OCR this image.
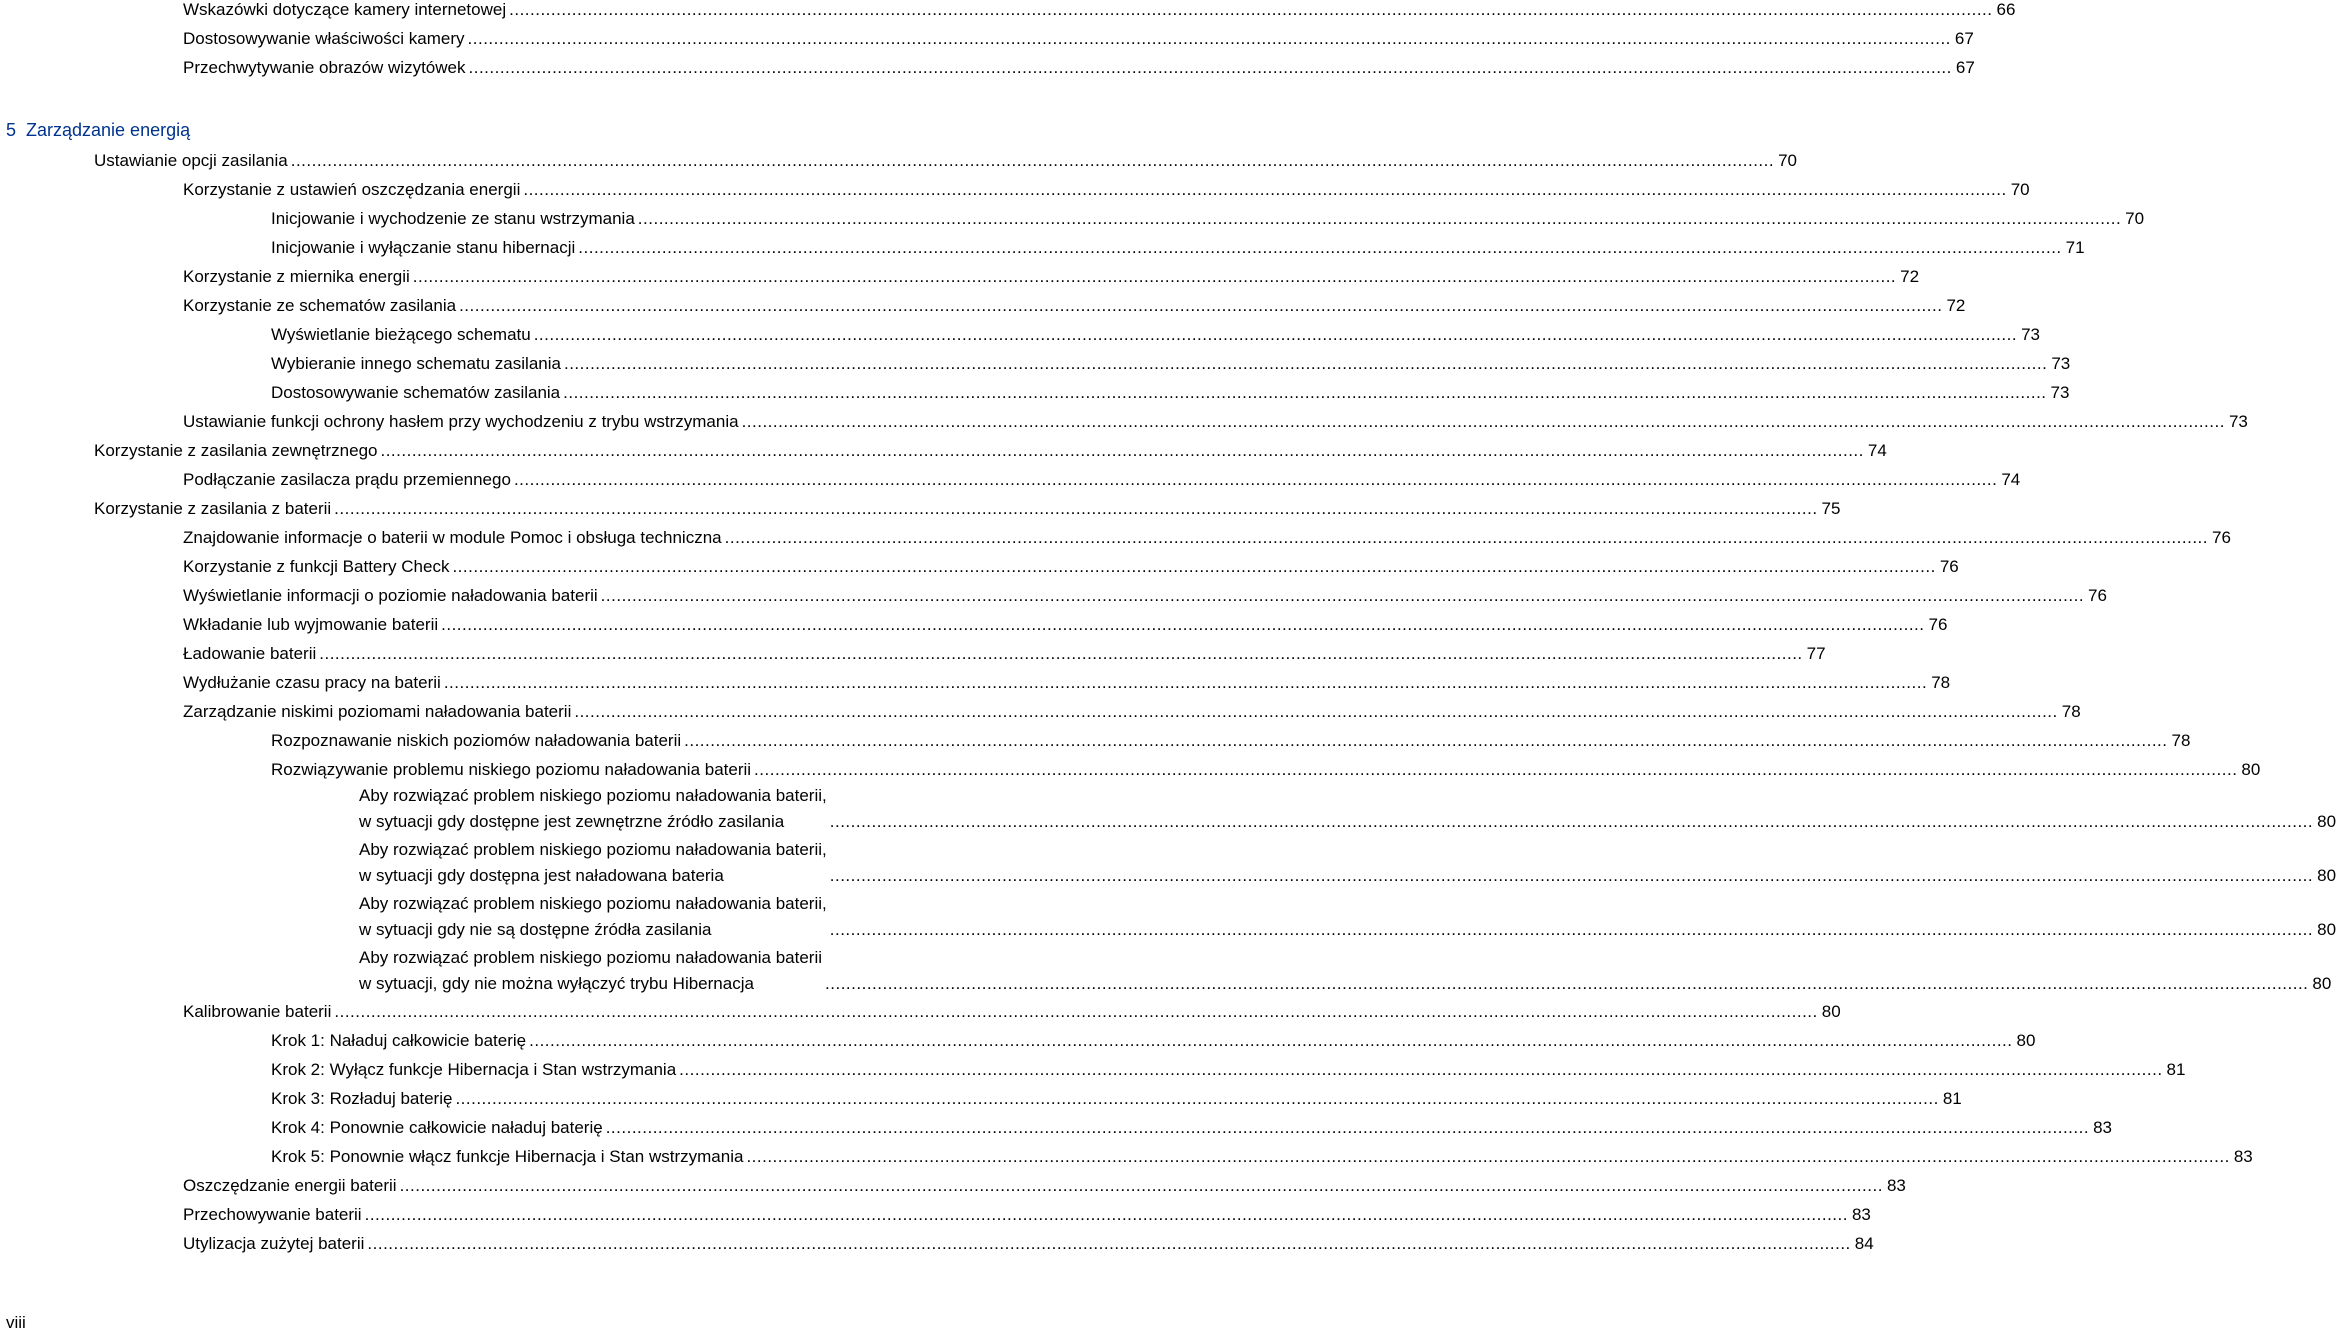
Wskazówki dotyczące kamery internetowej .....	66
Dostosowywanie właściwości kamery .....	67
Przechwytywanie obrazów wizytówek .....	67
5 Zarządzanie energią
Ustawianie opcji zasilania .....	70
Korzystanie z ustawień oszczędzania energii .....	70
Inicjowanie i wychodzenie ze stanu wstrzymania .....	70
Inicjowanie i wyłączanie stanu hibernacji .....	71
Korzystanie z miernika energii .....	72
Korzystanie ze schematów zasilania .....	72
Wyświetlanie bieżącego schematu .....	73
Wybieranie innego schematu zasilania .....	73
Dostosowywanie schematów zasilania .....	73
Ustawianie funkcji ochrony hasłem przy wychodzeniu z trybu wstrzymania .....	73
Korzystanie z zasilania zewnętrznego .....	74
Podłączanie zasilacza prądu przemiennego .....	74
Korzystanie z zasilania z baterii .....	75
Znajdowanie informacje o baterii w module Pomoc i obsługa techniczna .....	76
Korzystanie z funkcji Battery Check .....	76
Wyświetlanie informacji o poziomie naładowania baterii .....	76
Wkładanie lub wyjmowanie baterii .....	76
Ładowanie baterii .....	77
Wydłużanie czasu pracy na baterii .....	78
Zarządzanie niskimi poziomami naładowania baterii .....	78
Rozpoznawanie niskich poziomów naładowania baterii .....	78
Rozwiązywanie problemu niskiego poziomu naładowania baterii .....	80
Aby rozwiązać problem niskiego poziomu naładowania baterii,
w sytuacji gdy dostępne jest zewnętrzne źródło zasilania .....	80
Aby rozwiązać problem niskiego poziomu naładowania baterii,
w sytuacji gdy dostępna jest naładowana bateria .....	80
Aby rozwiązać problem niskiego poziomu naładowania baterii,
w sytuacji gdy nie są dostępne źródła zasilania .....	80
Aby rozwiązać problem niskiego poziomu naładowania baterii
w sytuacji, gdy nie można wyłączyć trybu Hibernacja .....	80
Kalibrowanie baterii .....	80
Krok 1: Naładuj całkowicie baterię .....	80
Krok 2: Wyłącz funkcje Hibernacja i Stan wstrzymania .....	81
Krok 3: Rozładuj baterię .....	81
Krok 4: Ponownie całkowicie naładuj baterię .....	83
Krok 5: Ponownie włącz funkcje Hibernacja i Stan wstrzymania .....	83
Oszczędzanie energii baterii .....	83
Przechowywanie baterii .....	83
Utylizacja zużytej baterii .....	84
viii
